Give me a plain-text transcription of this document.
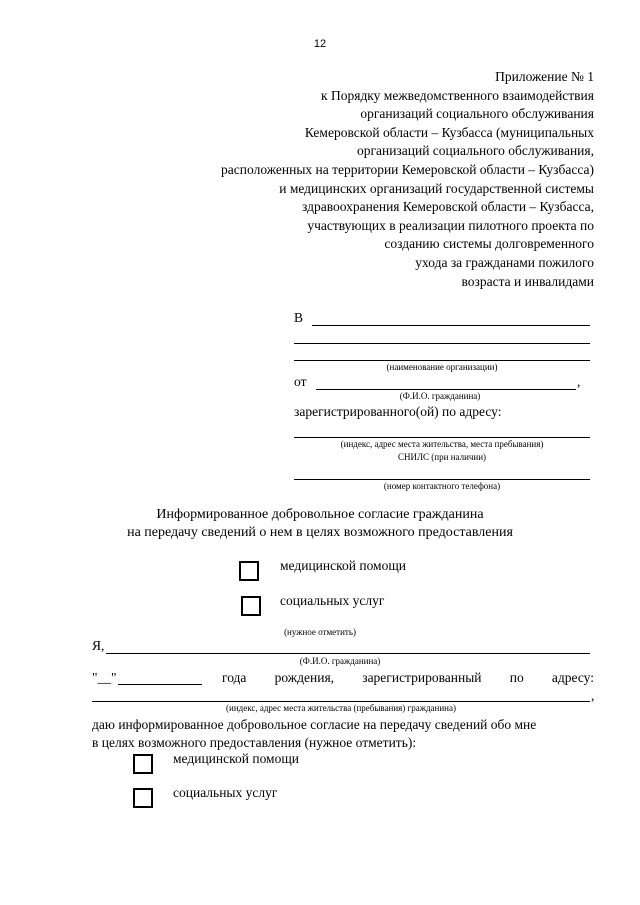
12
Приложение № 1
к Порядку межведомственного взаимодействия
организаций социального обслуживания
Кемеровской области – Кузбасса (муниципальных
организаций социального обслуживания,
расположенных на территории Кемеровской области – Кузбасса)
и медицинских организаций государственной системы
здравоохранения Кемеровской области – Кузбасса,
участвующих в реализации пилотного проекта по
созданию системы долговременного
ухода за гражданами пожилого
возраста и инвалидами
В
(наименование организации)
от	,
(Ф.И.О. гражданина)
зарегистрированного(ой) по адресу:
(индекс, адрес места жительства, места пребывания)
СНИЛС (при наличии)
(номер контактного телефона)
Информированное добровольное согласие гражданина
на передачу сведений о нем в целях возможного предоставления
медицинской помощи
социальных услуг
(нужное отметить)
Я,
(Ф.И.О. гражданина)
"__"	года рождения, зарегистрированный по адресу:
,
(индекс, адрес места жительства (пребывания) гражданина)
даю информированное добровольное согласие на передачу сведений обо мне
в целях возможного предоставления (нужное отметить):
медицинской помощи
социальных услуг
